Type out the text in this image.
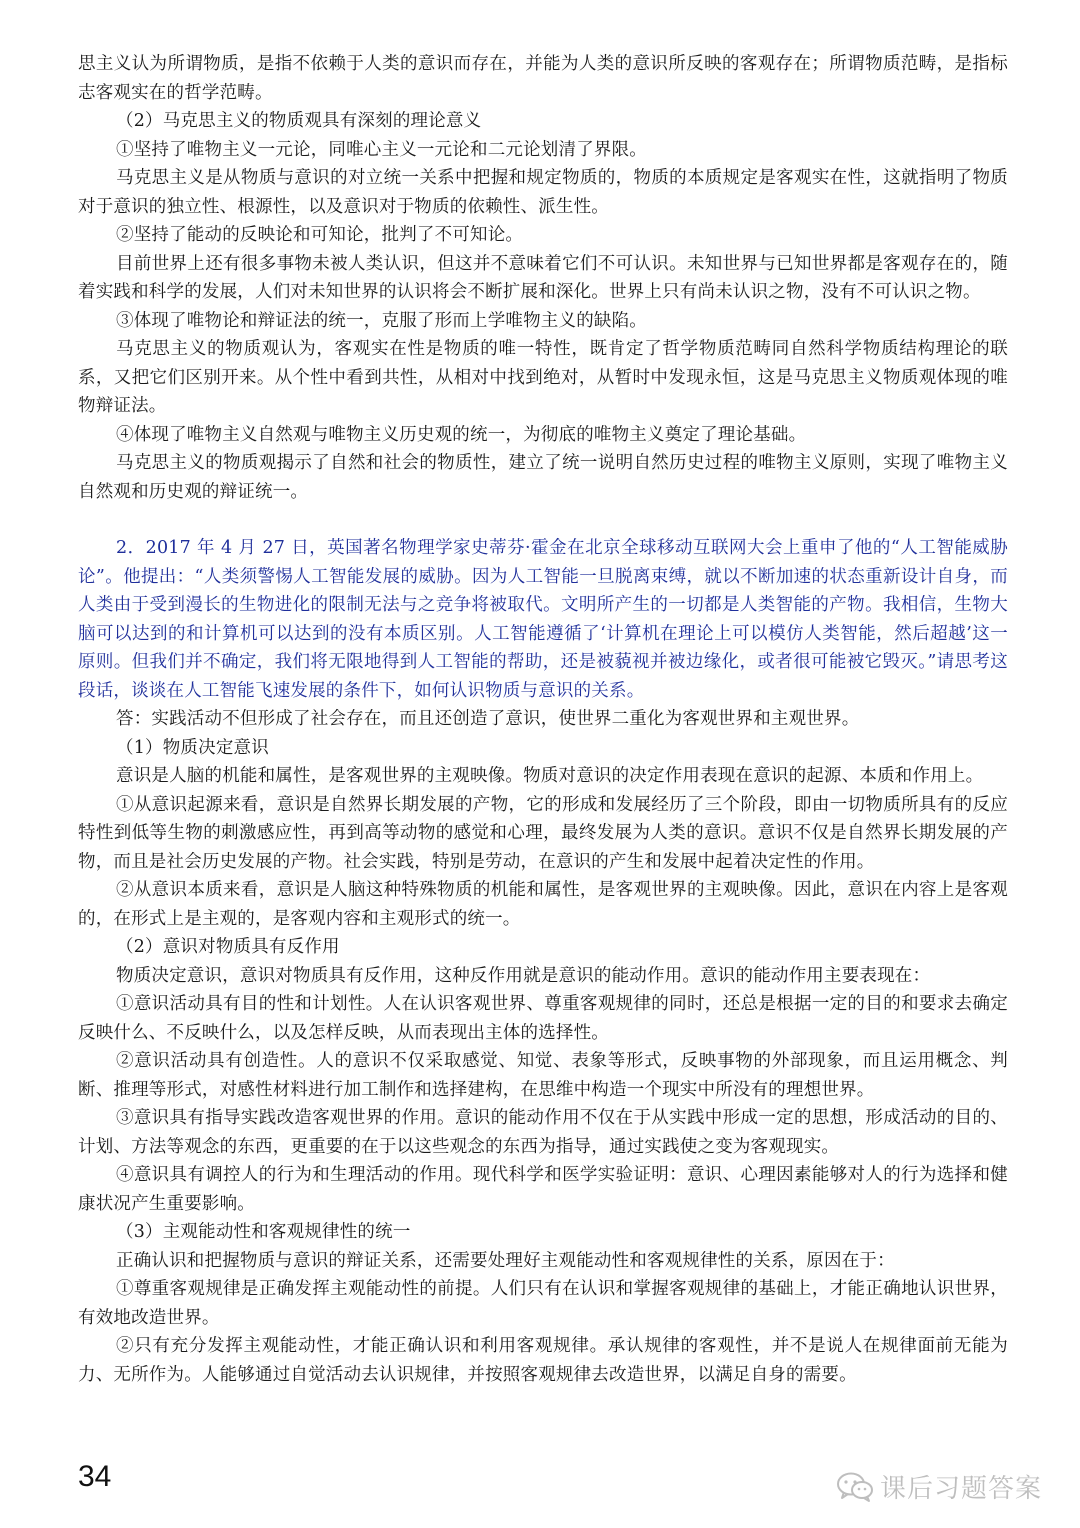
思主义认为所谓物质，是指不依赖于人类的意识而存在，并能为人类的意识所反映的客观存在；所谓物质范畴，是指标志客观实在的哲学范畴。

（2）马克思主义的物质观具有深刻的理论意义

①坚持了唯物主义一元论，同唯心主义一元论和二元论划清了界限。

马克思主义是从物质与意识的对立统一关系中把握和规定物质的，物质的本质规定是客观实在性，这就指明了物质对于意识的独立性、根源性，以及意识对于物质的依赖性、派生性。

②坚持了能动的反映论和可知论，批判了不可知论。

目前世界上还有很多事物未被人类认识，但这并不意味着它们不可认识。未知世界与已知世界都是客观存在的，随着实践和科学的发展，人们对未知世界的认识将会不断扩展和深化。世界上只有尚未认识之物，没有不可认识之物。

③体现了唯物论和辩证法的统一，克服了形而上学唯物主义的缺陷。

马克思主义的物质观认为，客观实在性是物质的唯一特性，既肯定了哲学物质范畴同自然科学物质结构理论的联系，又把它们区别开来。从个性中看到共性，从相对中找到绝对，从暂时中发现永恒，这是马克思主义物质观体现的唯物辩证法。

④体现了唯物主义自然观与唯物主义历史观的统一，为彻底的唯物主义奠定了理论基础。

马克思主义的物质观揭示了自然和社会的物质性，建立了统一说明自然历史过程的唯物主义原则，实现了唯物主义自然观和历史观的辩证统一。

2．2017 年 4 月 27 日，英国著名物理学家史蒂芬·霍金在北京全球移动互联网大会上重申了他的“人工智能威胁论”。他提出：“人类须警惕人工智能发展的威胁。因为人工智能一旦脱离束缚，就以不断加速的状态重新设计自身，而人类由于受到漫长的生物进化的限制无法与之竞争将被取代。文明所产生的一切都是人类智能的产物。我相信，生物大脑可以达到的和计算机可以达到的没有本质区别。人工智能遵循了‘计算机在理论上可以模仿人类智能，然后超越’这一原则。但我们并不确定，我们将无限地得到人工智能的帮助，还是被藐视并被边缘化，或者很可能被它毁灭。”请思考这段话，谈谈在人工智能飞速发展的条件下，如何认识物质与意识的关系。

答：实践活动不但形成了社会存在，而且还创造了意识，使世界二重化为客观世界和主观世界。

（1）物质决定意识

意识是人脑的机能和属性，是客观世界的主观映像。物质对意识的决定作用表现在意识的起源、本质和作用上。

①从意识起源来看，意识是自然界长期发展的产物，它的形成和发展经历了三个阶段，即由一切物质所具有的反应特性到低等生物的刺激感应性，再到高等动物的感觉和心理，最终发展为人类的意识。意识不仅是自然界长期发展的产物，而且是社会历史发展的产物。社会实践，特别是劳动，在意识的产生和发展中起着决定性的作用。

②从意识本质来看，意识是人脑这种特殊物质的机能和属性，是客观世界的主观映像。因此，意识在内容上是客观的，在形式上是主观的，是客观内容和主观形式的统一。

（2）意识对物质具有反作用

物质决定意识，意识对物质具有反作用，这种反作用就是意识的能动作用。意识的能动作用主要表现在：

①意识活动具有目的性和计划性。人在认识客观世界、尊重客观规律的同时，还总是根据一定的目的和要求去确定反映什么、不反映什么，以及怎样反映，从而表现出主体的选择性。

②意识活动具有创造性。人的意识不仅采取感觉、知觉、表象等形式，反映事物的外部现象，而且运用概念、判断、推理等形式，对感性材料进行加工制作和选择建构，在思维中构造一个现实中所没有的理想世界。

③意识具有指导实践改造客观世界的作用。意识的能动作用不仅在于从实践中形成一定的思想，形成活动的目的、计划、方法等观念的东西，更重要的在于以这些观念的东西为指导，通过实践使之变为客观现实。

④意识具有调控人的行为和生理活动的作用。现代科学和医学实验证明：意识、心理因素能够对人的行为选择和健康状况产生重要影响。

（3）主观能动性和客观规律性的统一

正确认识和把握物质与意识的辩证关系，还需要处理好主观能动性和客观规律性的关系，原因在于：

①尊重客观规律是正确发挥主观能动性的前提。人们只有在认识和掌握客观规律的基础上，才能正确地认识世界，有效地改造世界。

②只有充分发挥主观能动性，才能正确认识和利用客观规律。承认规律的客观性，并不是说人在规律面前无能为力、无所作为。人能够通过自觉活动去认识规律，并按照客观规律去改造世界，以满足自身的需要。

34	课后习题答案
